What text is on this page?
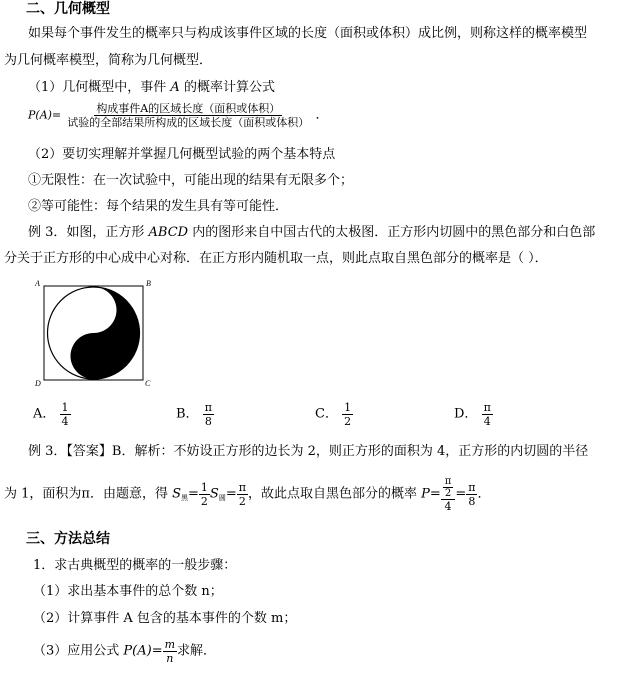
二、几何概型
如果每个事件发生的概率只与构成该事件区域的长度（面积或体积）成比例，则称这样的概率模型
为几何概率模型，简称为几何概型．
（1）几何概型中，事件 A 的概率计算公式
$P(A)= \frac{\text{构成事件A的区域长度（面积或体积）}}{\text{试验的全部结果所构成的区域长度（面积或体积）}}$ ．
（2）要切实理解并掌握几何概型试验的两个基本特点
①无限性：在一次试验中，可能出现的结果有无限多个；
②等可能性：每个结果的发生具有等可能性．
例 3．如图，正方形 ABCD 内的图形来自中国古代的太极图．正方形内切圆中的黑色部分和白色部
分关于正方形的中心成中心对称．在正方形内随机取一点，则此点取自黑色部分的概率是（ ）．
A	B
D	C
A． $\frac{1}{4}$	B． $\frac{\pi}{8}$	C． $\frac{1}{2}$	D． $\frac{\pi}{4}$
例 3．【答案】B．解析：不妨设正方形的边长为 2，则正方形的面积为 4，正方形的内切圆的半径
为 1，面积为π．由题意，得 $S_黑= \frac{1}{2} S_圆= \frac{\pi}{2}$ ，故此点取自黑色部分的概率 $P= \frac{\frac{\pi}{2}}{4} = \frac{\pi}{8}$ ．
三、方法总结
1．求古典概型的概率的一般步骤：
（1）求出基本事件的总个数 n；
（2）计算事件 A 包含的基本事件的个数 m；
（3）应用公式 $P(A)= \frac{m}{n}$ 求解．
